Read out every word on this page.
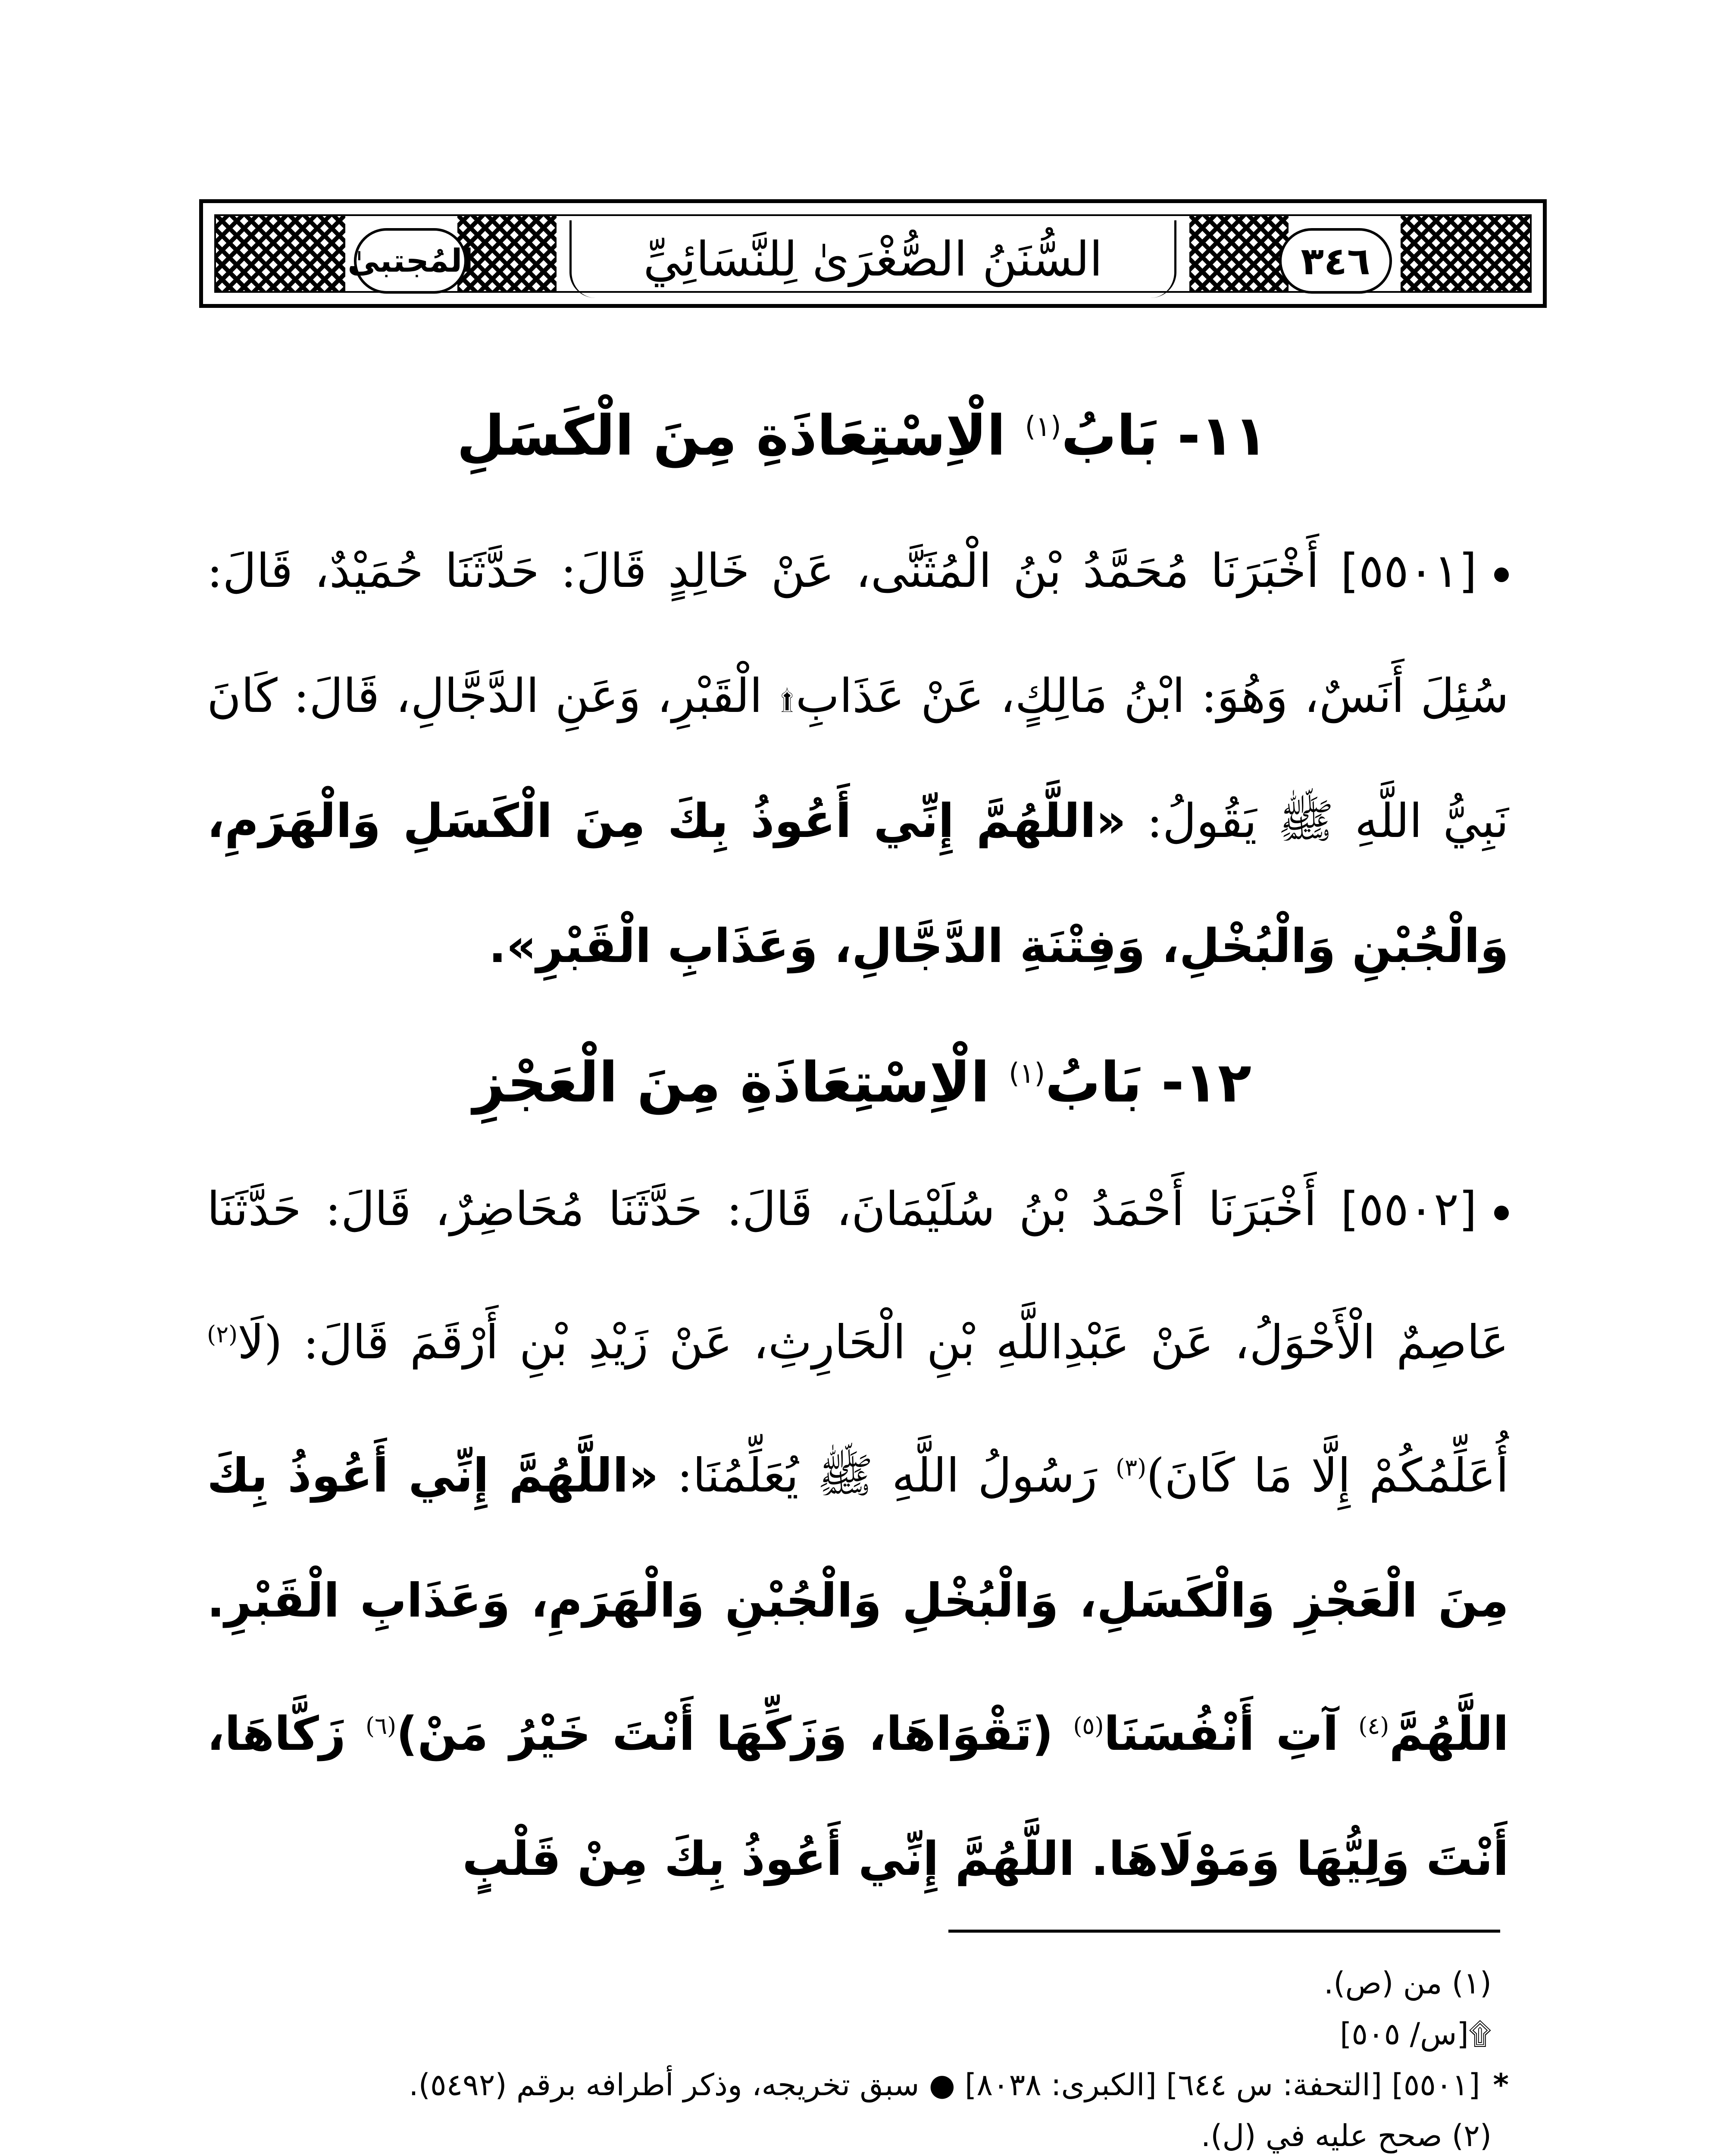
المُجتبىٰ	السُّنَنُ الصُّغْرَىٰ لِلنَّسَائِيِّ	٣٤٦
١١- بَابُ$^{(١)}$ الْاِسْتِعَاذَةِ مِنَ الْكَسَلِ
[٥٥٠١] أَخْبَرَنَا مُحَمَّدُ بْنُ الْمُثَنَّى، عَنْ خَالِدٍ قَالَ: حَدَّثَنَا حُمَيْدٌ، قَالَ: سُئِلَ أَنَسٌ، وَهُوَ: ابْنُ مَالِكٍ، عَنْ عَذَابِ۩ الْقَبْرِ، وَعَنِ الدَّجَّالِ، قَالَ: كَانَ نَبِيُّ اللَّهِ ﷺ يَقُولُ: «اللَّهُمَّ إِنِّي أَعُوذُ بِكَ مِنَ الْكَسَلِ وَالْهَرَمِ، وَالْجُبْنِ وَالْبُخْلِ، وَفِتْنَةِ الدَّجَّالِ، وَعَذَابِ الْقَبْرِ».
١٢- بَابُ$^{(١)}$ الْاِسْتِعَاذَةِ مِنَ الْعَجْزِ
[٥٥٠٢] أَخْبَرَنَا أَحْمَدُ بْنُ سُلَيْمَانَ، قَالَ: حَدَّثَنَا مُحَاضِرٌ، قَالَ: حَدَّثَنَا عَاصِمٌ الْأَحْوَلُ، عَنْ عَبْدِاللَّهِ بْنِ الْحَارِثِ، عَنْ زَيْدِ بْنِ أَرْقَمَ قَالَ: (لَا$^{(٢)}$ أُعَلِّمُكُمْ إِلَّا مَا كَانَ)$^{(٣)}$ رَسُولُ اللَّهِ ﷺ يُعَلِّمُنَا: «اللَّهُمَّ إِنِّي أَعُوذُ بِكَ مِنَ الْعَجْزِ وَالْكَسَلِ، وَالْبُخْلِ وَالْجُبْنِ وَالْهَرَمِ، وَعَذَابِ الْقَبْرِ. اللَّهُمَّ$^{(٤)}$ آتِ أَنْفُسَنَا$^{(٥)}$ (تَقْوَاهَا، وَزَكِّهَا أَنْتَ خَيْرُ مَنْ)$^{(٦)}$ زَكَّاهَا، أَنْتَ وَلِيُّهَا وَمَوْلَاهَا. اللَّهُمَّ إِنِّي أَعُوذُ بِكَ مِنْ قَلْبٍ

(١) من (ص).

۩[س/ ٥٠٥]

*[٥٥٠١] [التحفة: س ٦٤٤] [الكبرى: ٨٠٣٨] ● سبق تخريجه، وذكر أطرافه برقم (٥٤٩٢).

(٢) صحح عليه في (ل).
